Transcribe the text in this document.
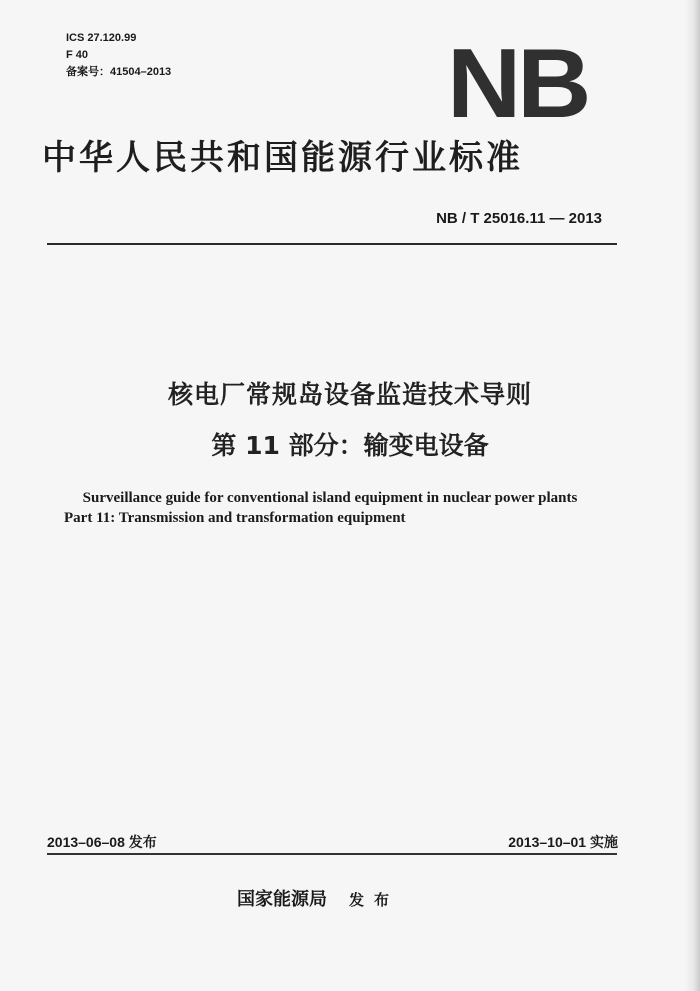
ICS 27.120.99
F 40
备案号：41504–2013	NB
中华人民共和国能源行业标准
NB / T 25016.11 — 2013
核电厂常规岛设备监造技术导则
第 11 部分：输变电设备
Surveillance guide for conventional island equipment in nuclear power plants
Part 11: Transmission and transformation equipment
2013–06–08 发布	2013–10–01 实施
国家能源局 发布
